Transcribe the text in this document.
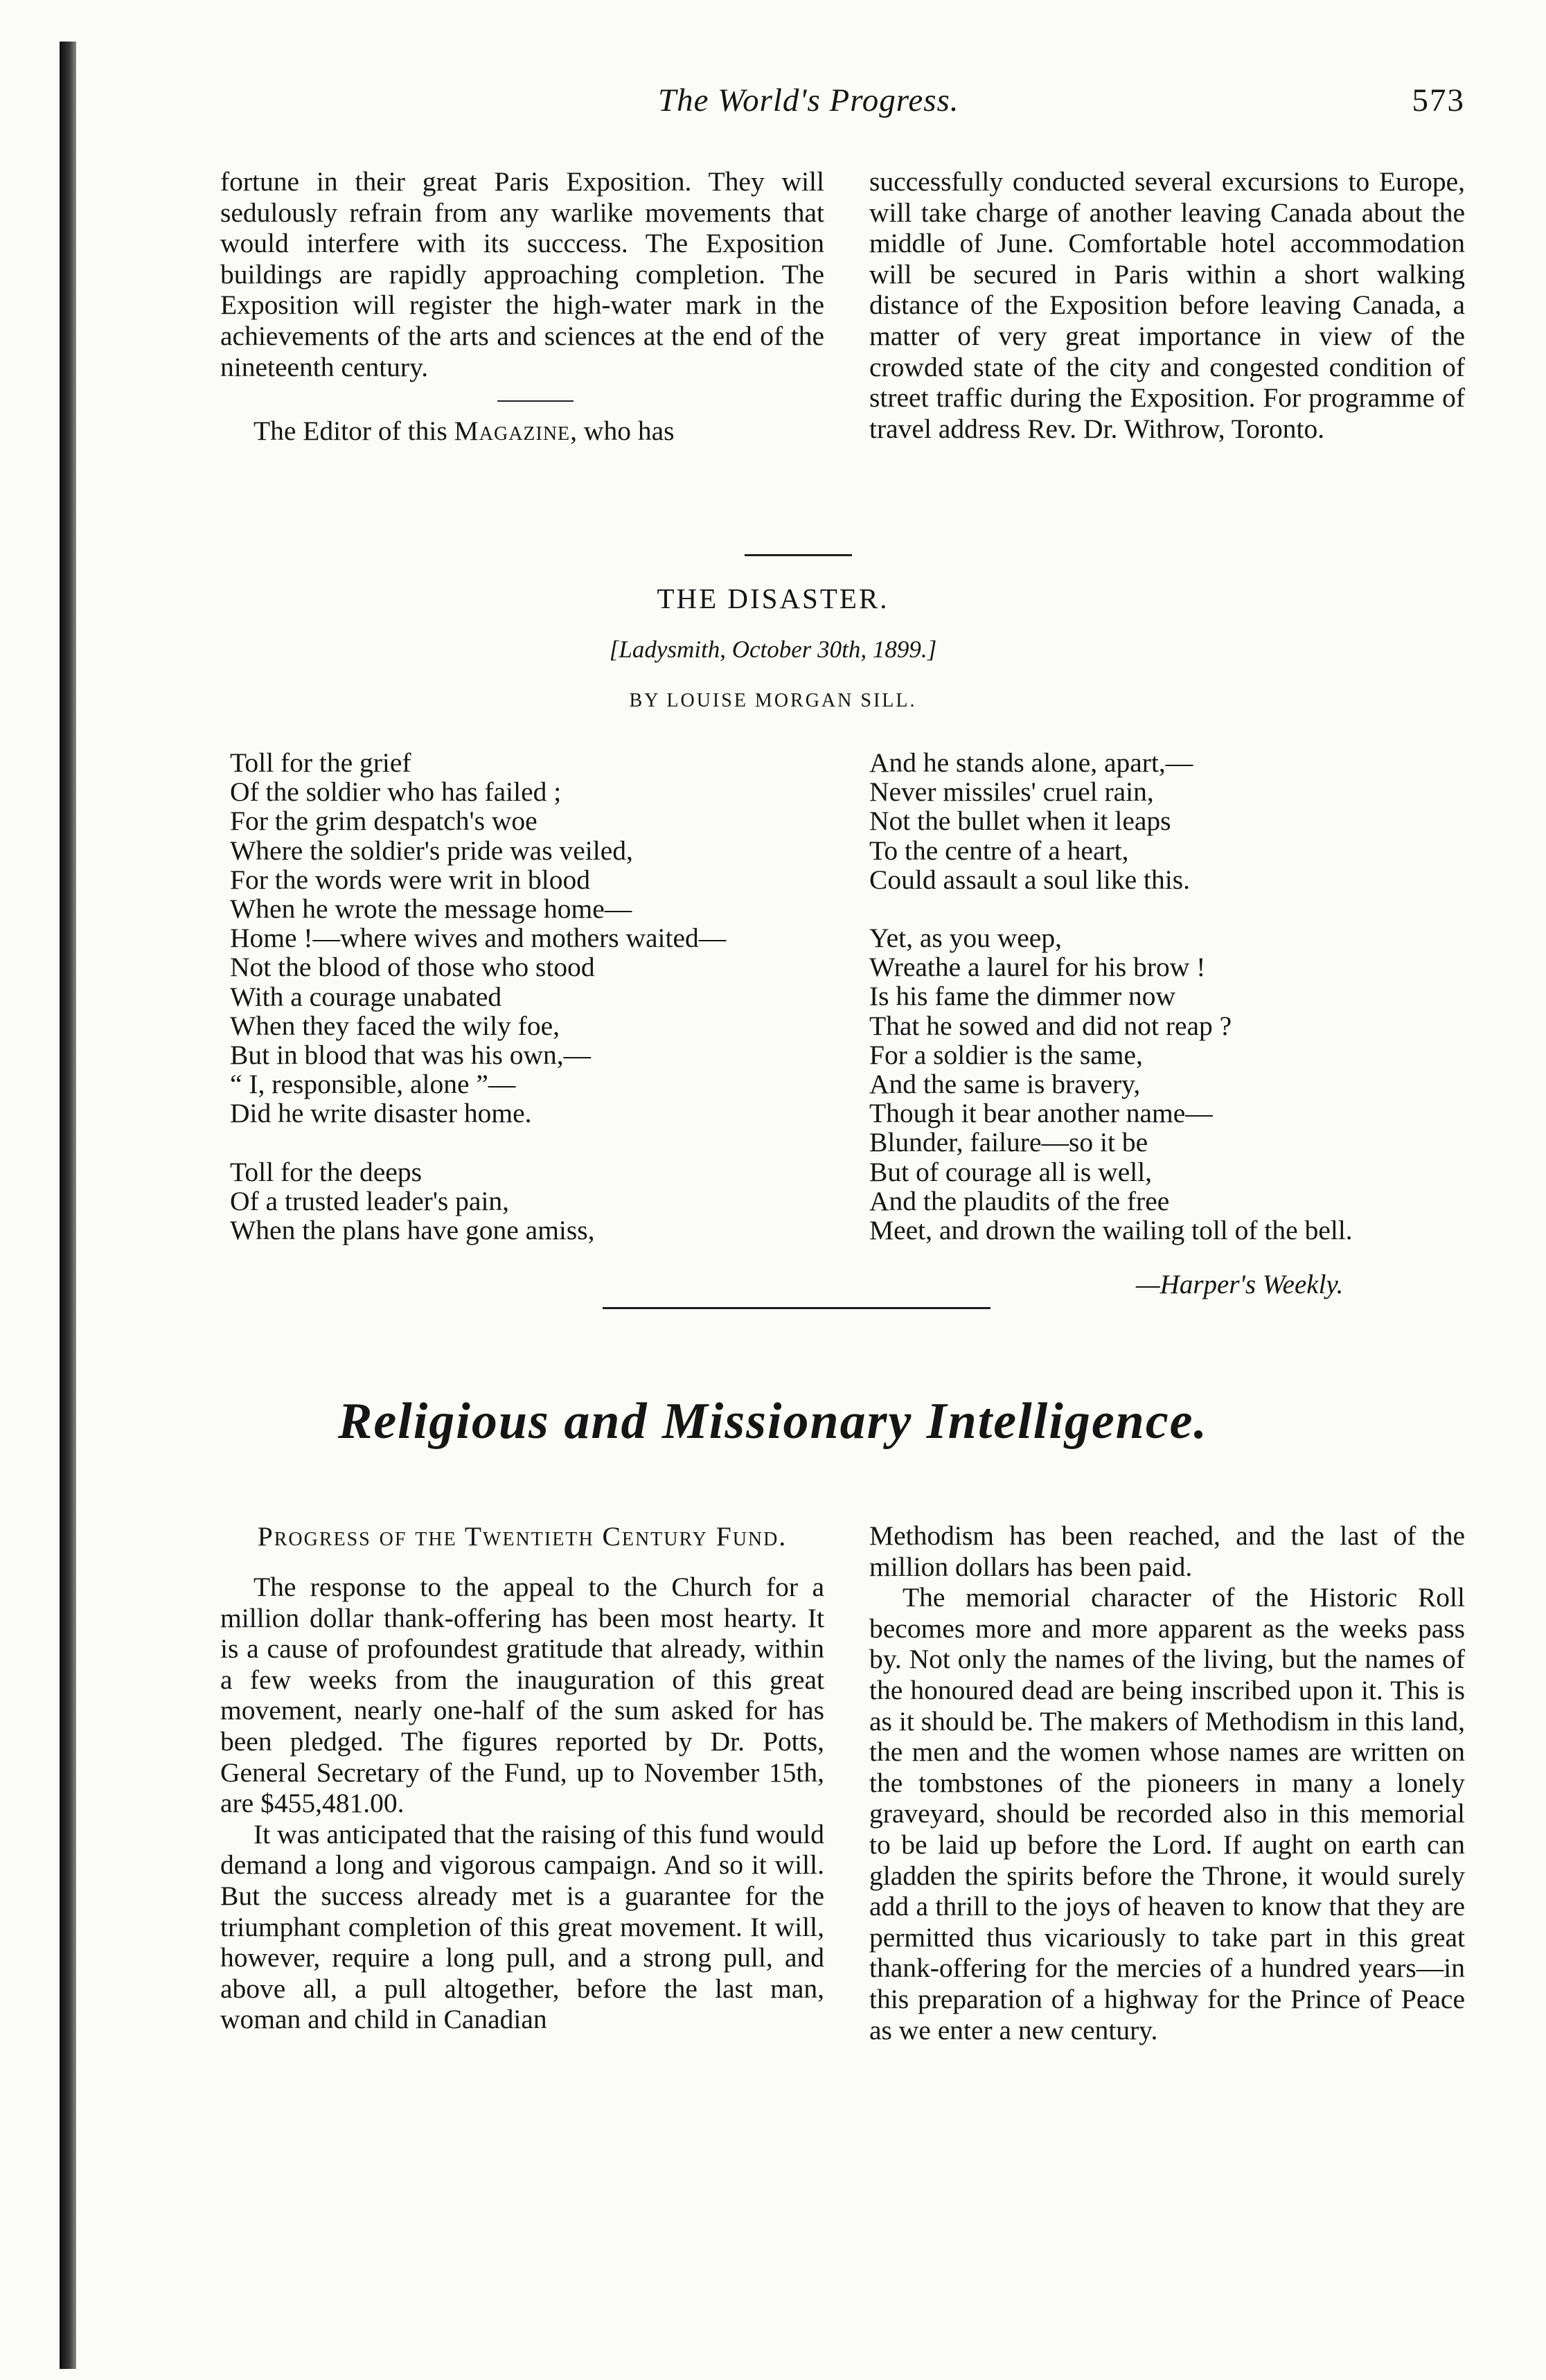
The World's Progress.	573

fortune in their great Paris Exposition. They will sedulously refrain from any warlike movements that would interfere with its succcess. The Exposition buildings are rapidly approaching completion. The Exposition will register the high-water mark in the achievements of the arts and sciences at the end of the nineteenth century.

The Editor of this Magazine, who has

successfully conducted several excursions to Europe, will take charge of another leaving Canada about the middle of June. Comfortable hotel accommodation will be secured in Paris within a short walking distance of the Exposition before leaving Canada, a matter of very great importance in view of the crowded state of the city and congested condition of street traffic during the Exposition. For programme of travel address Rev. Dr. Withrow, Toronto.

THE DISASTER.
[Ladysmith, October 30th, 1899.]
BY LOUISE MORGAN SILL.
Toll for the grief
Of the soldier who has failed ;
For the grim despatch's woe
Where the soldier's pride was veiled,
For the words were writ in blood
When he wrote the message home—
Home !—where wives and mothers waited—
Not the blood of those who stood
With a courage unabated
When they faced the wily foe,
But in blood that was his own,—
“ I, responsible, alone ”—
Did he write disaster home.
Toll for the deeps
Of a trusted leader's pain,
When the plans have gone amiss,
And he stands alone, apart,—
Never missiles' cruel rain,
Not the bullet when it leaps
To the centre of a heart,
Could assault a soul like this.
Yet, as you weep,
Wreathe a laurel for his brow !
Is his fame the dimmer now
That he sowed and did not reap ?
For a soldier is the same,
And the same is bravery,
Though it bear another name—
Blunder, failure—so it be
But of courage all is well,
And the plaudits of the free
Meet, and drown the wailing toll of the bell.
—Harper's Weekly.
Religious and Missionary Intelligence.

Progress of the Twentieth Century Fund.

The response to the appeal to the Church for a million dollar thank-offering has been most hearty. It is a cause of profoundest gratitude that already, within a few weeks from the inauguration of this great movement, nearly one-half of the sum asked for has been pledged. The figures reported by Dr. Potts, General Secretary of the Fund, up to November 15th, are $455,481.00.

It was anticipated that the raising of this fund would demand a long and vigorous campaign. And so it will. But the success already met is a guarantee for the triumphant completion of this great movement. It will, however, require a long pull, and a strong pull, and above all, a pull altogether, before the last man, woman and child in Canadian

Methodism has been reached, and the last of the million dollars has been paid.

The memorial character of the Historic Roll becomes more and more apparent as the weeks pass by. Not only the names of the living, but the names of the honoured dead are being inscribed upon it. This is as it should be. The makers of Methodism in this land, the men and the women whose names are written on the tombstones of the pioneers in many a lonely graveyard, should be recorded also in this memorial to be laid up before the Lord. If aught on earth can gladden the spirits before the Throne, it would surely add a thrill to the joys of heaven to know that they are permitted thus vicariously to take part in this great thank-offering for the mercies of a hundred years—in this preparation of a highway for the Prince of Peace as we enter a new century.
